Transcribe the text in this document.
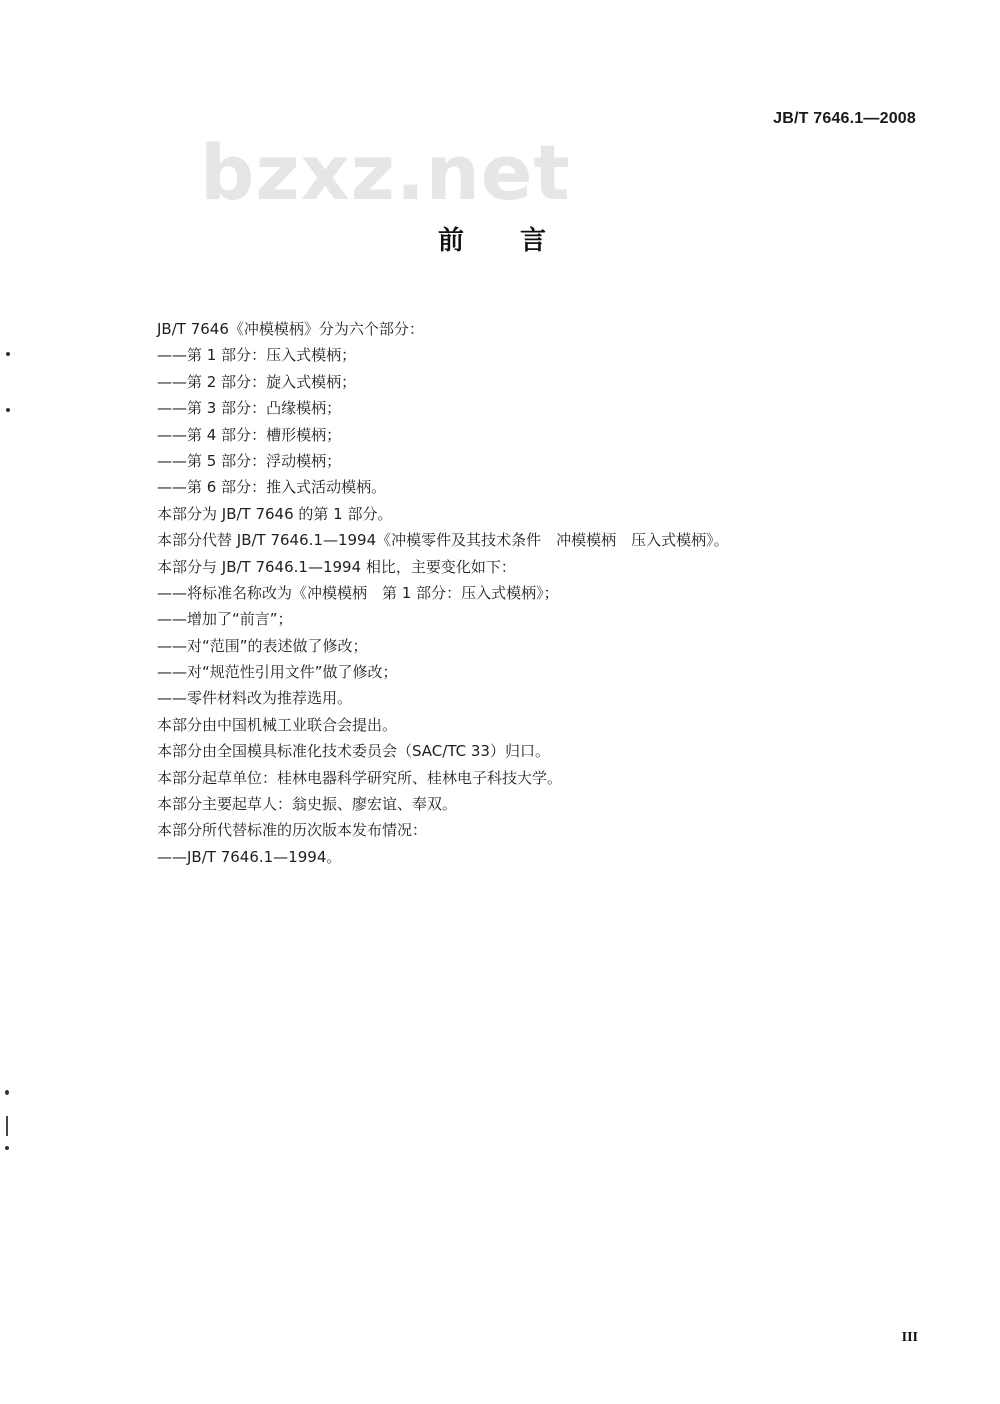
JB/T 7646.1—2008
bzxz.net
前言
JB/T 7646《冲模模柄》分为六个部分：
——第 1 部分：压入式模柄；
——第 2 部分：旋入式模柄；
——第 3 部分：凸缘模柄；
——第 4 部分：槽形模柄；
——第 5 部分：浮动模柄；
——第 6 部分：推入式活动模柄。
本部分为 JB/T 7646 的第 1 部分。
本部分代替 JB/T 7646.1—1994《冲模零件及其技术条件　冲模模柄　压入式模柄》。
本部分与 JB/T 7646.1—1994 相比，主要变化如下：
——将标准名称改为《冲模模柄　第 1 部分：压入式模柄》；
——增加了“前言”；
——对“范围”的表述做了修改；
——对“规范性引用文件”做了修改；
——零件材料改为推荐选用。
本部分由中国机械工业联合会提出。
本部分由全国模具标准化技术委员会（SAC/TC 33）归口。
本部分起草单位：桂林电器科学研究所、桂林电子科技大学。
本部分主要起草人：翁史振、廖宏谊、奉双。
本部分所代替标准的历次版本发布情况：
——JB/T 7646.1—1994。
III
